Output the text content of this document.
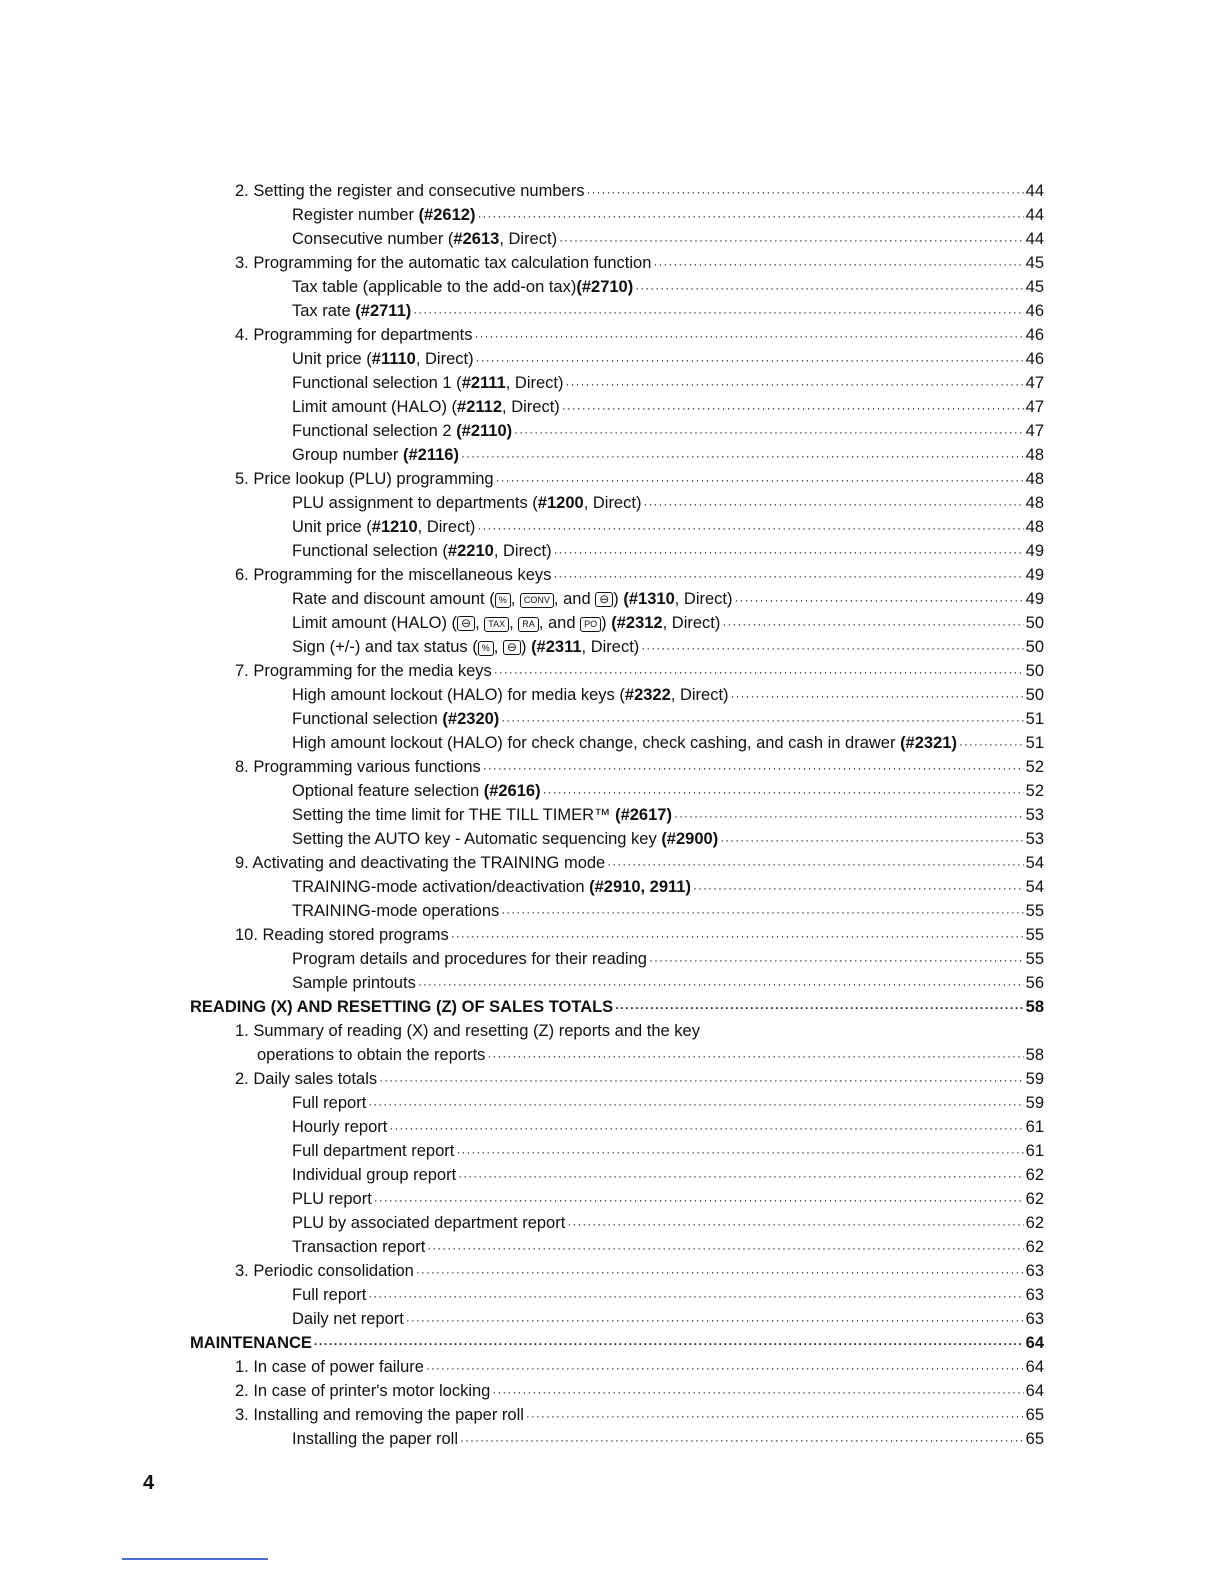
2. Setting the register and consecutive numbers ·····	44
Register number (#2612) ·····	44
Consecutive number (#2613, Direct) ·····	44
3. Programming for the automatic tax calculation function ·····	45
Tax table (applicable to the add-on tax)(#2710) ·····	45
Tax rate (#2711) ·····	46
4. Programming for departments ·····	46
Unit price (#1110, Direct) ·····	46
Functional selection 1 (#2111, Direct) ·····	47
Limit amount (HALO) (#2112, Direct) ·····	47
Functional selection 2 (#2110) ·····	47
Group number (#2116) ·····	48
5. Price lookup (PLU) programming ·····	48
PLU assignment to departments (#1200, Direct) ·····	48
Unit price (#1210, Direct) ·····	48
Functional selection (#2210, Direct) ·····	49
6. Programming for the miscellaneous keys ·····	49
Rate and discount amount ( % , CONV , and ⊖ ) (#1310, Direct) ·····	49
Limit amount (HALO) ( ⊖ , TAX , RA , and PO ) (#2312, Direct) ·····	50
Sign (+/-) and tax status ( % , ⊖ ) (#2311, Direct) ·····	50
7. Programming for the media keys ·····	50
High amount lockout (HALO) for media keys (#2322, Direct) ·····	50
Functional selection (#2320) ·····	51
High amount lockout (HALO) for check change, check cashing, and cash in drawer (#2321) ·····	51
8. Programming various functions ·····	52
Optional feature selection (#2616) ·····	52
Setting the time limit for THE TILL TIMER™ (#2617) ·····	53
Setting the AUTO key - Automatic sequencing key (#2900) ·····	53
9. Activating and deactivating the TRAINING mode ·····	54
TRAINING-mode activation/deactivation (#2910, 2911) ·····	54
TRAINING-mode operations ·····	55
10. Reading stored programs ·····	55
Program details and procedures for their reading ·····	55
Sample printouts ·····	56
READING (X) AND RESETTING (Z) OF SALES TOTALS ·····	58
1. Summary of reading (X) and resetting (Z) reports and the key
operations to obtain the reports ·····	58
2. Daily sales totals ·····	59
Full report ·····	59
Hourly report ·····	61
Full department report ·····	61
Individual group report ·····	62
PLU report ·····	62
PLU by associated department report ·····	62
Transaction report ·····	62
3. Periodic consolidation ·····	63
Full report ·····	63
Daily net report ·····	63
MAINTENANCE ·····	64
1. In case of power failure ·····	64
2. In case of printer's motor locking ·····	64
3. Installing and removing the paper roll ·····	65
Installing the paper roll ·····	65
4
